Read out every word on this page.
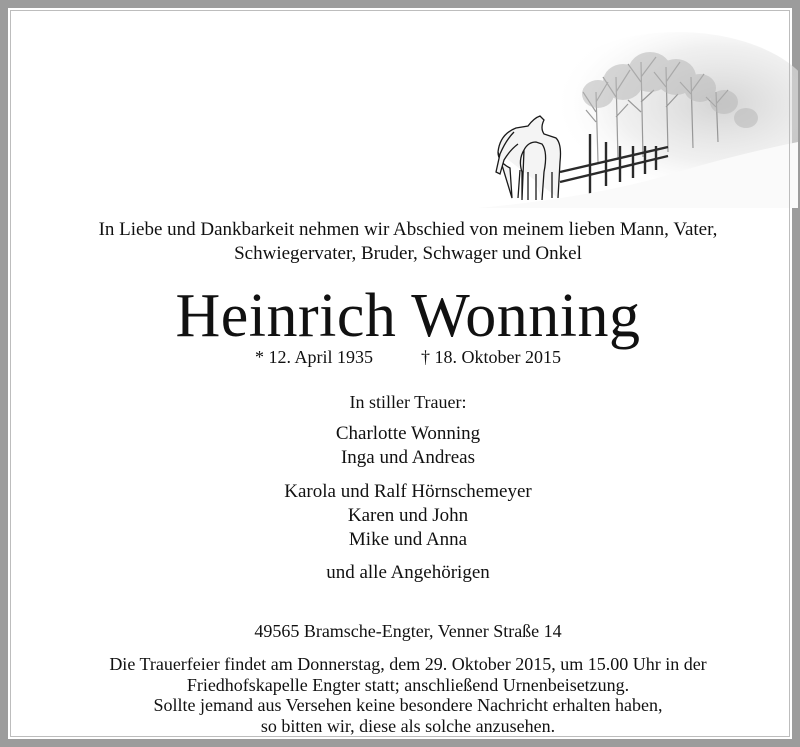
In Liebe und Dankbarkeit nehmen wir Abschied von meinem lieben Mann, Vater,
Schwiegervater, Bruder, Schwager und Onkel
Heinrich Wonning
* 12. April 1935	† 18. Oktober 2015
In stiller Trauer:
Charlotte Wonning
Inga und Andreas
Karola und Ralf Hörnschemeyer
Karen und John
Mike und Anna
und alle Angehörigen
49565 Bramsche-Engter, Venner Straße 14
Die Trauerfeier findet am Donnerstag, dem 29. Oktober 2015, um 15.00 Uhr in der
Friedhofskapelle Engter statt; anschließend Urnenbeisetzung.
Sollte jemand aus Versehen keine besondere Nachricht erhalten haben,
so bitten wir, diese als solche anzusehen.
